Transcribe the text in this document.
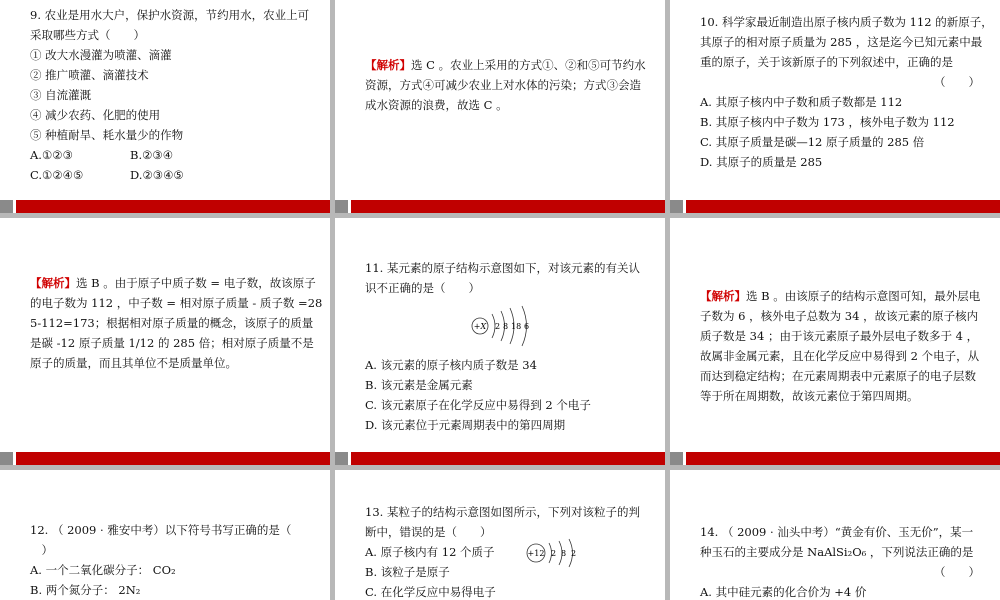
9. 农业是用水大户，保护水资源，节约用水，农业上可

采取哪些方式（　　）

① 改大水漫灌为喷灌、滴灌

② 推广喷灌、滴灌技术

③ 自流灌溉

④ 减少农药、化肥的使用

⑤ 种植耐旱、耗水量少的作物

A.①②③	B.②③④
C.①②④⑤	D.②③④⑤

【解析】选 C 。农业上采用的方式①、②和⑤可节约水

资源，方式④可减少农业上对水体的污染；方式③会造

成水资源的浪费，故选 C 。

10. 科学家最近制造出原子核内质子数为 112 的新原子，

其原子的相对原子质量为 285 ，这是迄今已知元素中最

重的原子，关于该新原子的下列叙述中，正确的是

（　　）

A. 其原子核内中子数和质子数都是 112

B. 其原子核内中子数为 173 ，核外电子数为 112

C. 其原子质量是碳—12 原子质量的 285 倍

D. 其原子的质量是 285

【解析】选 B 。由于原子中质子数 = 电子数，故该原子

的电子数为 112 ，中子数 = 相对原子质量 - 质子数 =28

5-112=173；根据相对原子质量的概念，该原子的质量

是碳 -12 原子质量 1/12 的 285 倍；相对原子质量不是

原子的质量，而且其单位不是质量单位。

11. 某元素的原子结构示意图如下，对该元素的有关认

识不正确的是（　　）

+X 2 8 18 6

A. 该元素的原子核内质子数是 34

B. 该元素是金属元素

C. 该元素原子在化学反应中易得到 2 个电子

D. 该元素位于元素周期表中的第四周期

【解析】选 B 。由该原子的结构示意图可知，最外层电

子数为 6 ，核外电子总数为 34 ，故该元素的原子核内

质子数是 34 ；由于该元素原子最外层电子数多于 4 ，

故属非金属元素，且在化学反应中易得到 2 个电子，从

而达到稳定结构；在元素周期表中元素原子的电子层数

等于所在周期数，故该元素位于第四周期。

12. （ 2009 · 雅安中考）以下符号书写正确的是（

　）

A. 一个二氧化碳分子： CO₂

B. 两个氮分子： 2N₂

13. 某粒子的结构示意图如图所示，下列对该粒子的判

断中，错误的是（　　）

A. 原子核内有 12 个质子

B. 该粒子是原子

C. 在化学反应中易得电子

+12 2 8 2

14. （ 2009 · 汕头中考）“黄金有价、玉无价”，某一

种玉石的主要成分是 NaAlSi₂O₆ ，下列说法正确的是

（　　）

A. 其中硅元素的化合价为 +4 价
